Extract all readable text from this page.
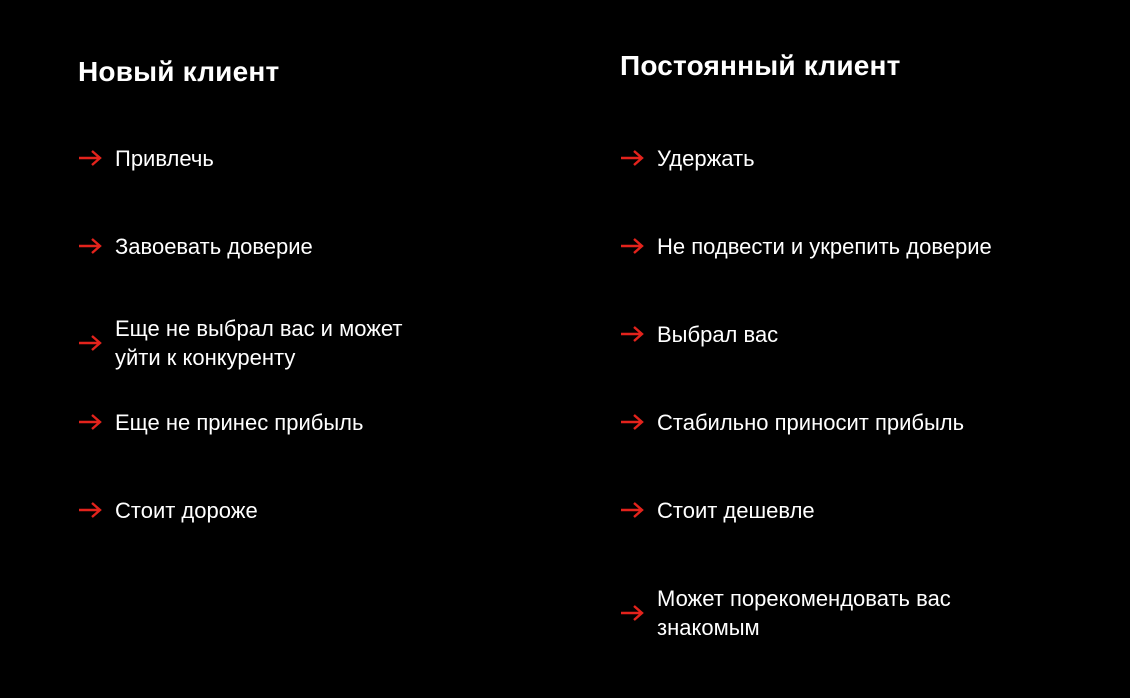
Новый клиент
Привлечь
Завоевать доверие
Еще не выбрал вас и может
уйти к конкуренту
Еще не принес прибыль
Стоит дороже
Постоянный клиент
Удержать
Не подвести и укрепить доверие
Выбрал вас
Стабильно приносит прибыль
Стоит дешевле
Может порекомендовать вас
знакомым
